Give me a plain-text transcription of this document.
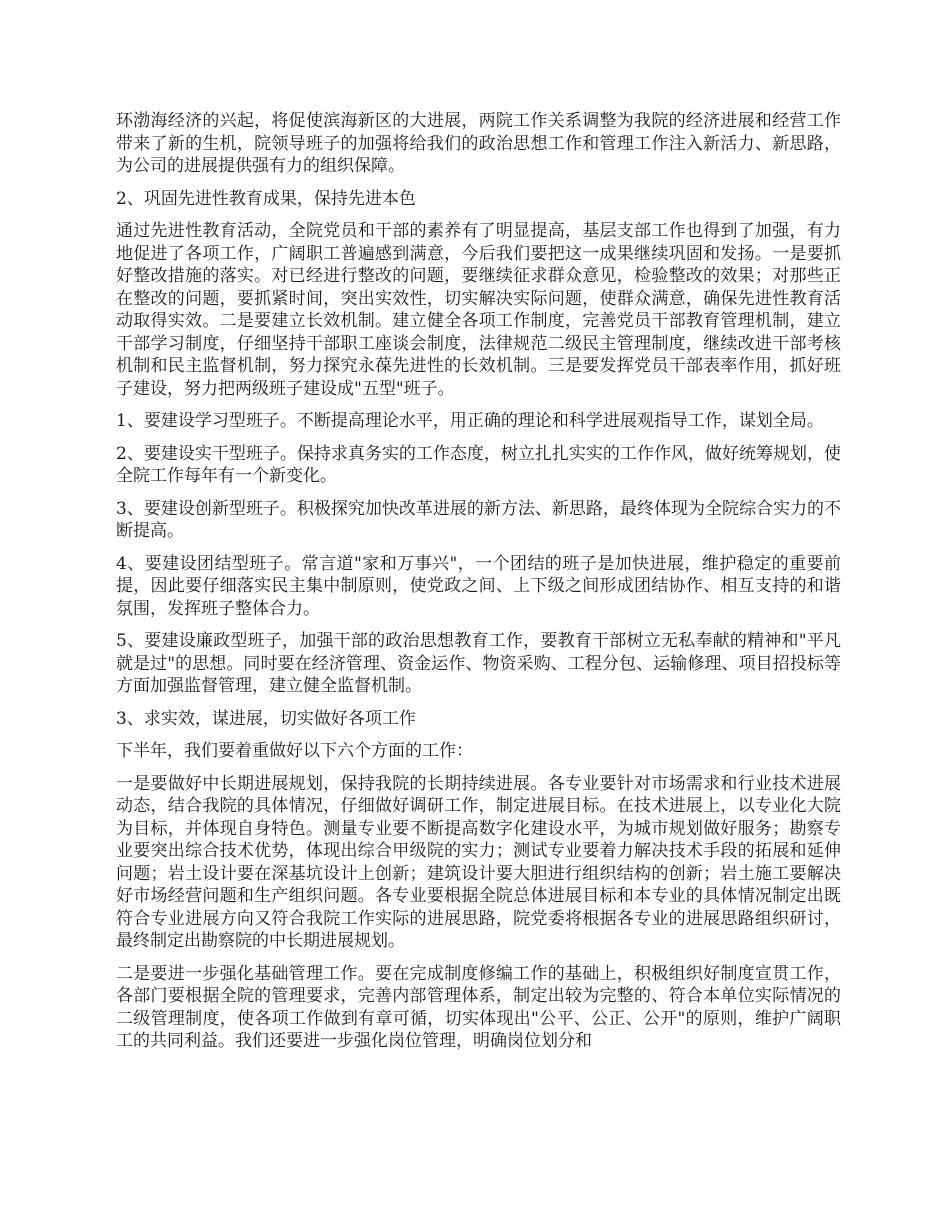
环渤海经济的兴起，将促使滨海新区的大进展，两院工作关系调整为我院的经济进展和经营工作带来了新的生机，院领导班子的加强将给我们的政治思想工作和管理工作注入新活力、新思路，为公司的进展提供强有力的组织保障。

2、巩固先进性教育成果，保持先进本色

通过先进性教育活动，全院党员和干部的素养有了明显提高，基层支部工作也得到了加强，有力地促进了各项工作，广阔职工普遍感到满意，今后我们要把这一成果继续巩固和发扬。一是要抓好整改措施的落实。对已经进行整改的问题，要继续征求群众意见，检验整改的效果；对那些正在整改的问题，要抓紧时间，突出实效性，切实解决实际问题，使群众满意，确保先进性教育活动取得实效。二是要建立长效机制。建立健全各项工作制度，完善党员干部教育管理机制，建立干部学习制度，仔细坚持干部职工座谈会制度，法律规范二级民主管理制度，继续改进干部考核机制和民主监督机制，努力探究永葆先进性的长效机制。三是要发挥党员干部表率作用，抓好班子建设，努力把两级班子建设成"五型"班子。

1、要建设学习型班子。不断提高理论水平，用正确的理论和科学进展观指导工作，谋划全局。

2、要建设实干型班子。保持求真务实的工作态度，树立扎扎实实的工作作风，做好统筹规划，使全院工作每年有一个新变化。

3、要建设创新型班子。积极探究加快改革进展的新方法、新思路，最终体现为全院综合实力的不断提高。

4、要建设团结型班子。常言道"家和万事兴"，一个团结的班子是加快进展，维护稳定的重要前提，因此要仔细落实民主集中制原则，使党政之间、上下级之间形成团结协作、相互支持的和谐氛围，发挥班子整体合力。

5、要建设廉政型班子，加强干部的政治思想教育工作，要教育干部树立无私奉献的精神和"平凡就是过"的思想。同时要在经济管理、资金运作、物资采购、工程分包、运输修理、项目招投标等方面加强监督管理，建立健全监督机制。

3、求实效，谋进展，切实做好各项工作

下半年，我们要着重做好以下六个方面的工作：

一是要做好中长期进展规划，保持我院的长期持续进展。各专业要针对市场需求和行业技术进展动态，结合我院的具体情况，仔细做好调研工作，制定进展目标。在技术进展上，以专业化大院为目标，并体现自身特色。测量专业要不断提高数字化建设水平，为城市规划做好服务；勘察专业要突出综合技术优势，体现出综合甲级院的实力；测试专业要着力解决技术手段的拓展和延伸问题；岩土设计要在深基坑设计上创新；建筑设计要大胆进行组织结构的创新；岩土施工要解决好市场经营问题和生产组织问题。各专业要根据全院总体进展目标和本专业的具体情况制定出既符合专业进展方向又符合我院工作实际的进展思路，院党委将根据各专业的进展思路组织研讨，最终制定出勘察院的中长期进展规划。

二是要进一步强化基础管理工作。要在完成制度修编工作的基础上，积极组织好制度宣贯工作，各部门要根据全院的管理要求，完善内部管理体系，制定出较为完整的、符合本单位实际情况的二级管理制度，使各项工作做到有章可循，切实体现出"公平、公正、公开"的原则，维护广阔职工的共同利益。我们还要进一步强化岗位管理，明确岗位划分和
